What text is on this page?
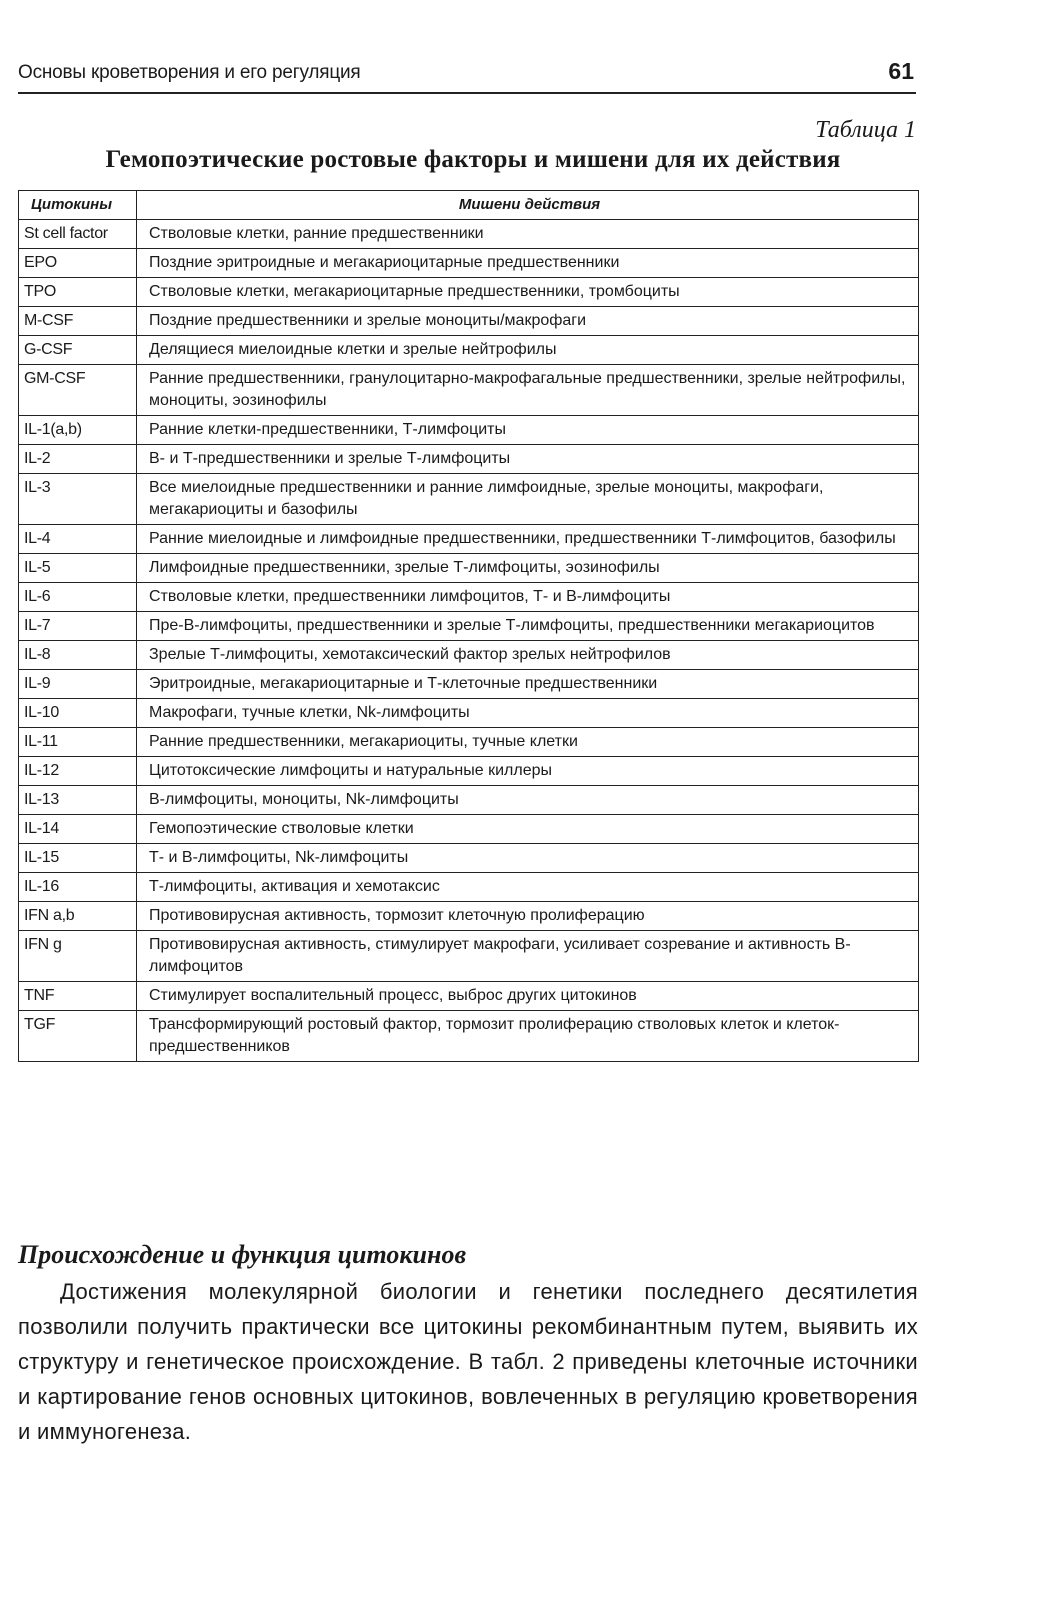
Основы кроветворения и его регуляция	61
Таблица 1
Гемопоэтические ростовые факторы и мишени для их действия
Цитокины	Мишени действия
St cell factor	Стволовые клетки, ранние предшественники
EPO	Поздние эритроидные и мегакариоцитарные предшественники
TPO	Стволовые клетки, мегакариоцитарные предшественники, тромбоциты
M-CSF	Поздние предшественники и зрелые моноциты/макрофаги
G-CSF	Делящиеся миелоидные клетки и зрелые нейтрофилы
GM-CSF	Ранние предшественники, гранулоцитарно-макрофагальные предшественники, зрелые нейтрофилы, моноциты, эозинофилы
IL-1(a,b)	Ранние клетки-предшественники, Т-лимфоциты
IL-2	В- и Т-предшественники и зрелые Т-лимфоциты
IL-3	Все миелоидные предшественники и ранние лимфоидные, зрелые моноциты, макрофаги, мегакариоциты и базофилы
IL-4	Ранние миелоидные и лимфоидные предшественники, предшественники Т-лимфоцитов, базофилы
IL-5	Лимфоидные предшественники, зрелые Т-лимфоциты, эозинофилы
IL-6	Стволовые клетки, предшественники лимфоцитов, Т- и В-лимфоциты
IL-7	Пре-В-лимфоциты, предшественники и зрелые Т-лимфоциты, предшественники мегакариоцитов
IL-8	Зрелые Т-лимфоциты, хемотаксический фактор зрелых нейтрофилов
IL-9	Эритроидные, мегакариоцитарные и Т-клеточные предшественники
IL-10	Макрофаги, тучные клетки, Nk-лимфоциты
IL-11	Ранние предшественники, мегакариоциты, тучные клетки
IL-12	Цитотоксические лимфоциты и натуральные киллеры
IL-13	В-лимфоциты, моноциты, Nk-лимфоциты
IL-14	Гемопоэтические стволовые клетки
IL-15	Т- и В-лимфоциты, Nk-лимфоциты
IL-16	Т-лимфоциты, активация и хемотаксис
IFN a,b	Противовирусная активность, тормозит клеточную пролиферацию
IFN g	Противовирусная активность, стимулирует макрофаги, усиливает созревание и активность В-лимфоцитов
TNF	Стимулирует воспалительный процесс, выброс других цитокинов
TGF	Трансформирующий ростовый фактор, тормозит пролиферацию стволовых клеток и клеток-предшественников
Происхождение и функция цитокинов

Достижения молекулярной биологии и генетики последнего десятилетия позволили получить практически все цитокины рекомбинантным путем, выявить их структуру и генетическое происхождение. В табл. 2 приведены клеточные источники и картирование генов основных цитокинов, вовлеченных в регуляцию кроветворения и иммуногенеза.
